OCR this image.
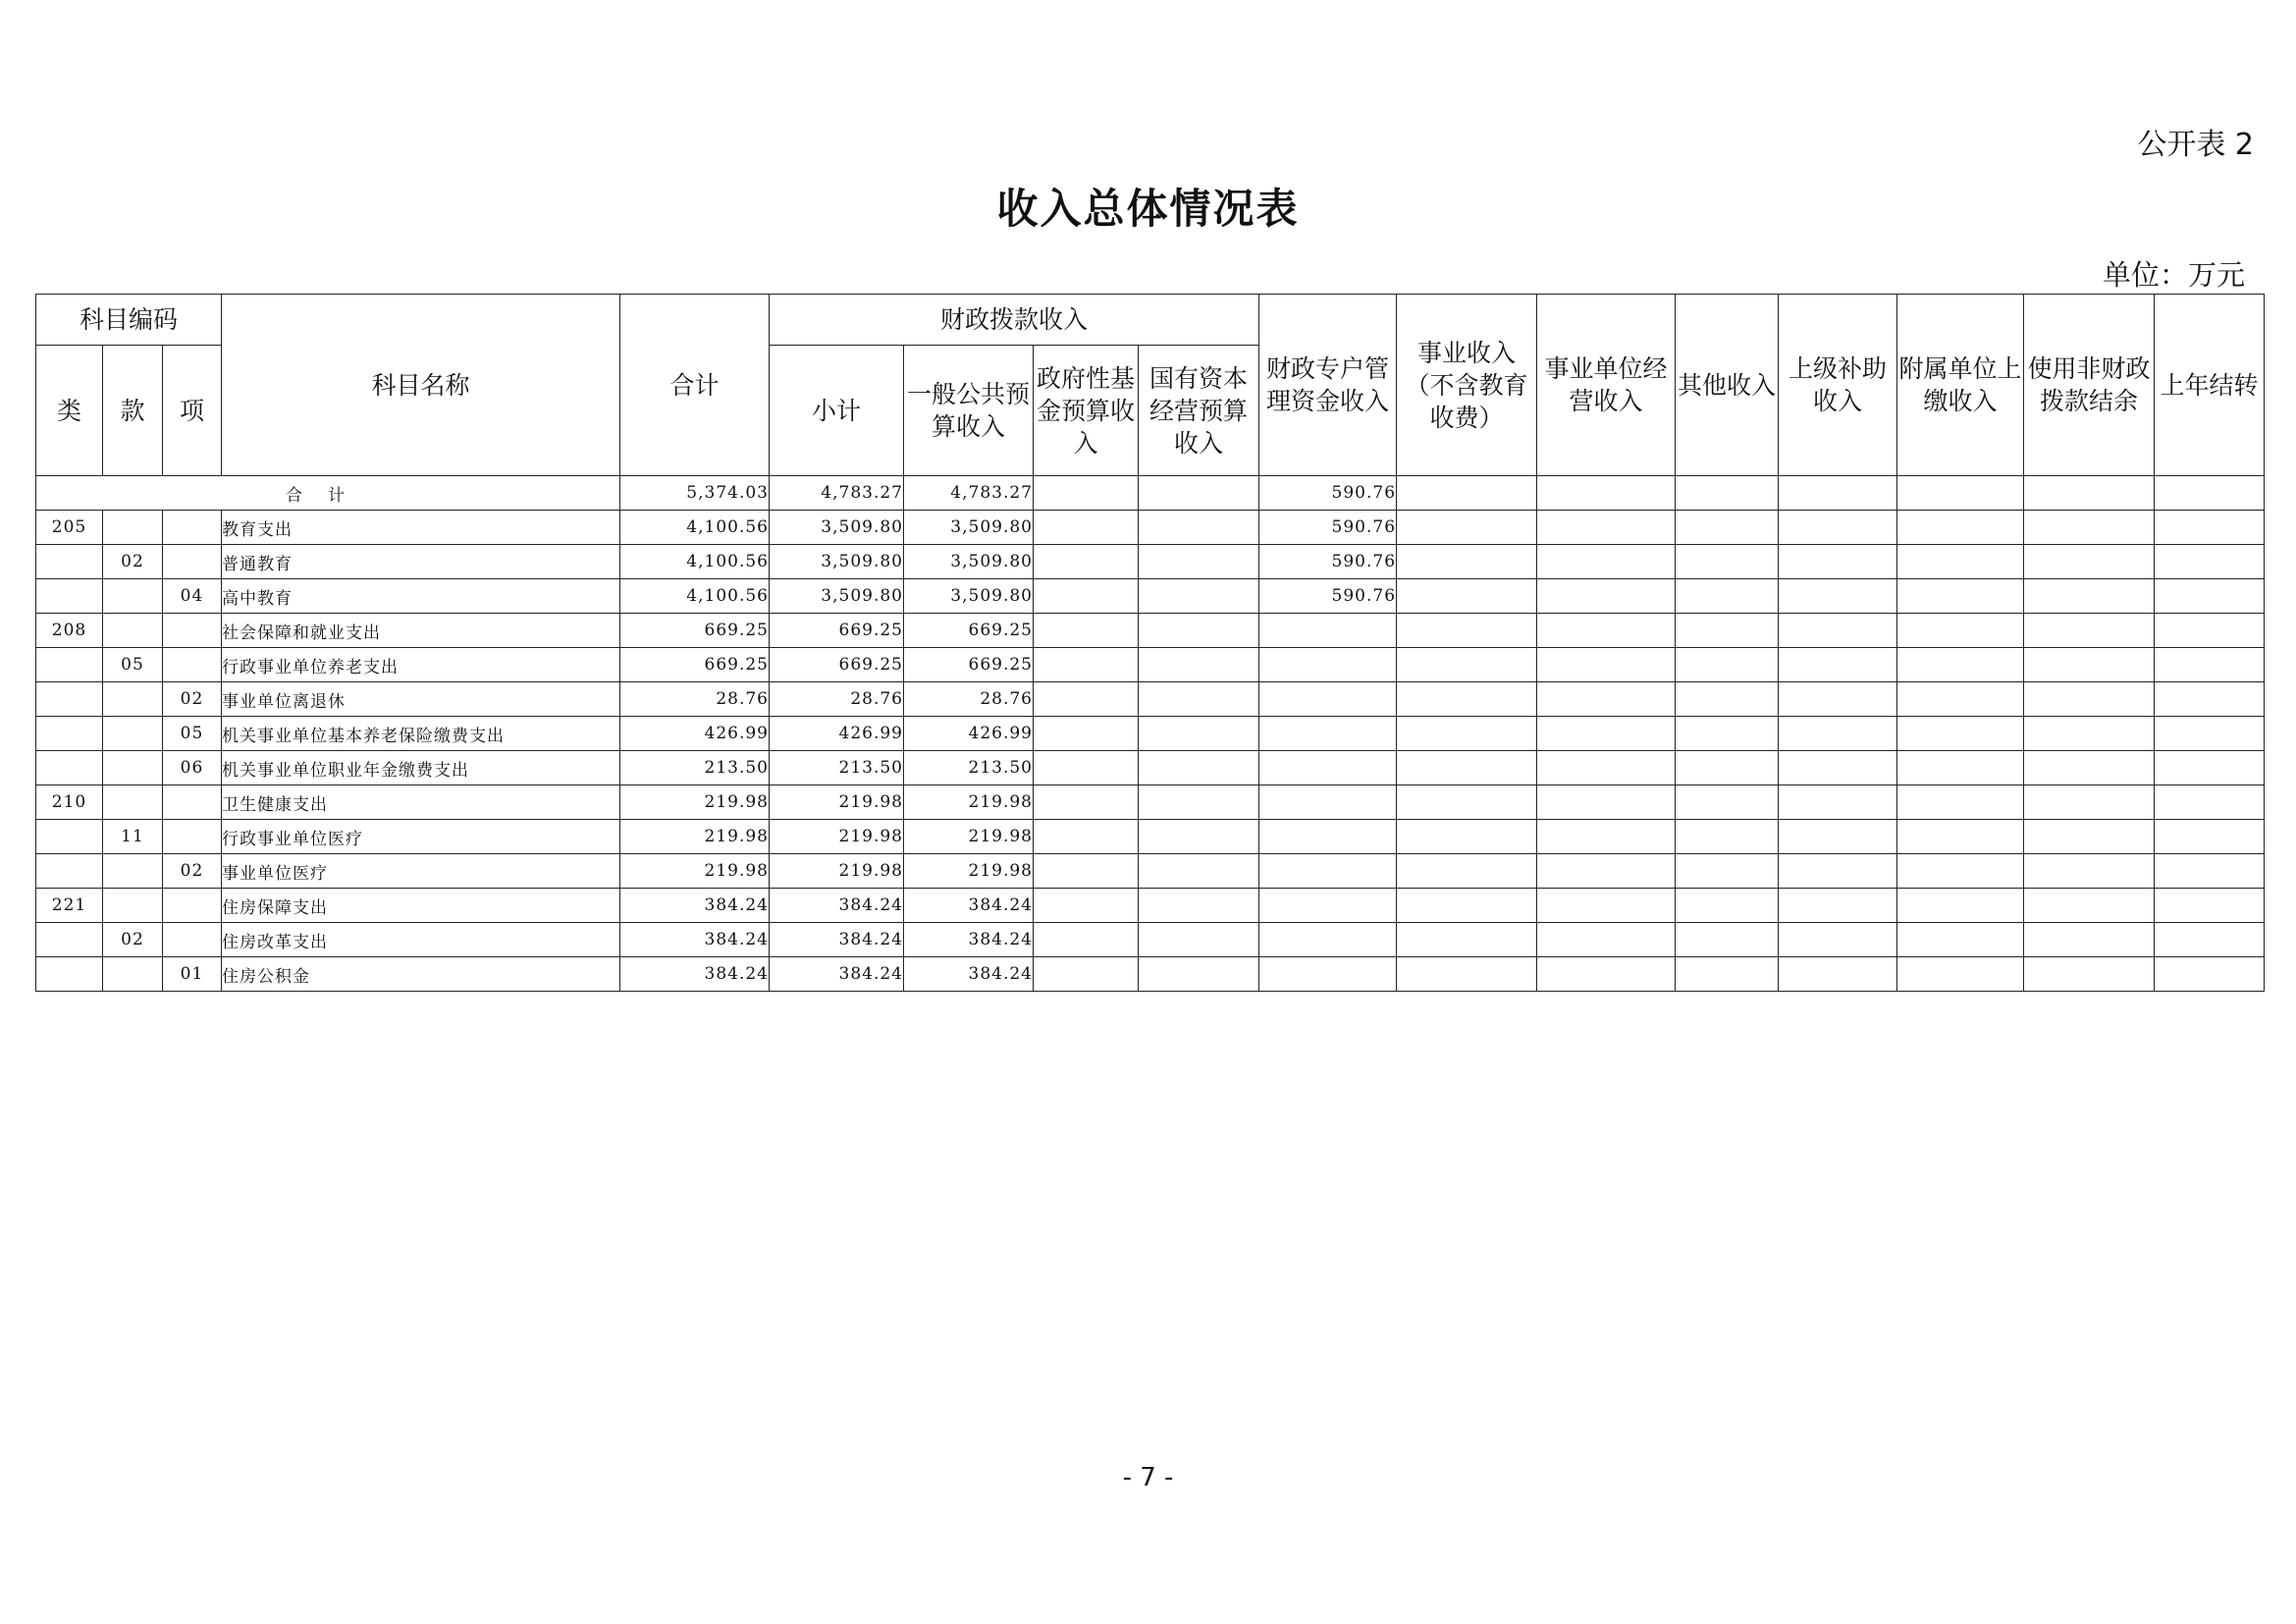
公开表 2
收入总体情况表
单位：万元
科目编码			科目名称	合计	财政拨款收入				财政专户管理资金收入	事业收入（不含教育收费）	事业单位经营收入	其他收入	上级补助收入	附属单位上缴收入	使用非财政拨款结余	上年结转
类	款	项			小计	一般公共预算收入	政府性基金预算收入	国有资本经营预算收入								
合计				5,374.03	4,783.27	4,783.27			590.76							
205			教育支出	4,100.56	3,509.80	3,509.80			590.76							
	02		普通教育	4,100.56	3,509.80	3,509.80			590.76							
		04	高中教育	4,100.56	3,509.80	3,509.80			590.76							
208			社会保障和就业支出	669.25	669.25	669.25										
	05		行政事业单位养老支出	669.25	669.25	669.25										
		02	事业单位离退休	28.76	28.76	28.76										
		05	机关事业单位基本养老保险缴费支出	426.99	426.99	426.99										
		06	机关事业单位职业年金缴费支出	213.50	213.50	213.50										
210			卫生健康支出	219.98	219.98	219.98										
	11		行政事业单位医疗	219.98	219.98	219.98										
		02	事业单位医疗	219.98	219.98	219.98										
221			住房保障支出	384.24	384.24	384.24										
	02		住房改革支出	384.24	384.24	384.24										
		01	住房公积金	384.24	384.24	384.24										
- 7 -
